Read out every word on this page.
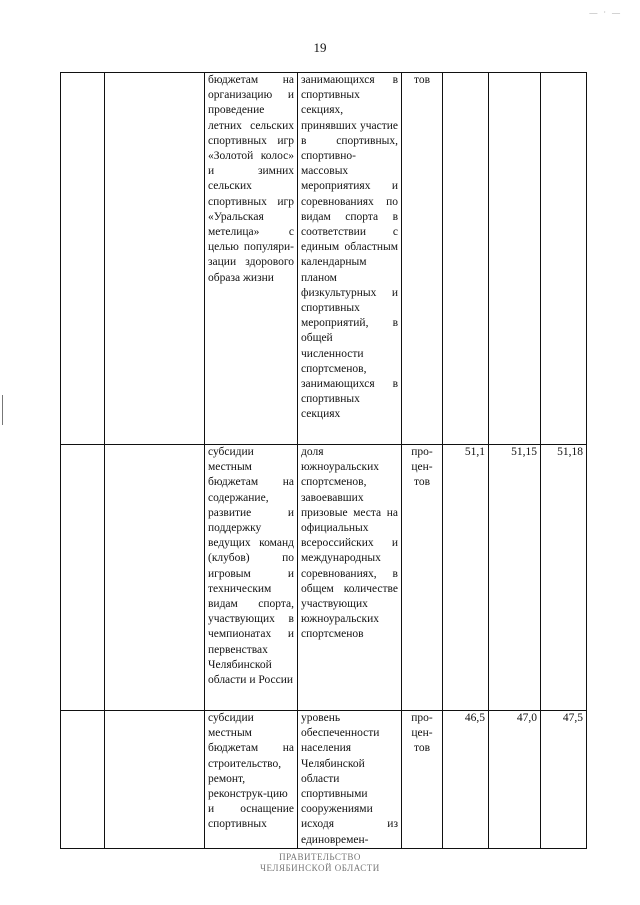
— · —
19
		бюджетам на организацию и проведение летних сельских спортивных игр «Золотой колос» и зимних сельских спортивных игр «Уральская метелица» с целью популяри-зации здорового образа жизни	занимающихся в спортивных секциях, принявших участие в спортивных, спортивно-массовых мероприятиях и соревнованиях по видам спорта в соответствии с единым областным календарным планом физкультурных и спортивных мероприятий, в общей численности спортсменов, занимающихся в спортивных секциях	тов			
		субсидии местным бюджетам на содержание, развитие и поддержку ведущих команд (клубов) по игровым и техническим видам спорта, участвующих в чемпионатах и первенствах Челябинской области и России	доля южноуральских спортсменов, завоевавших призовые места на официальных всероссийских и международных соревнованиях, в общем количестве участвующих южноуральских спортсменов	про-цен-тов	51,1	51,15	51,18
		субсидии местным бюджетам на строительство, ремонт, реконструк-цию и оснащение спортивных	уровень обеспеченности населения Челябинской области спортивными сооружениями исходя из единовремен-	про-цен-тов	46,5	47,0	47,5
ПРАВИТЕЛЬСТВО
ЧЕЛЯБИНСКОЙ ОБЛАСТИ
